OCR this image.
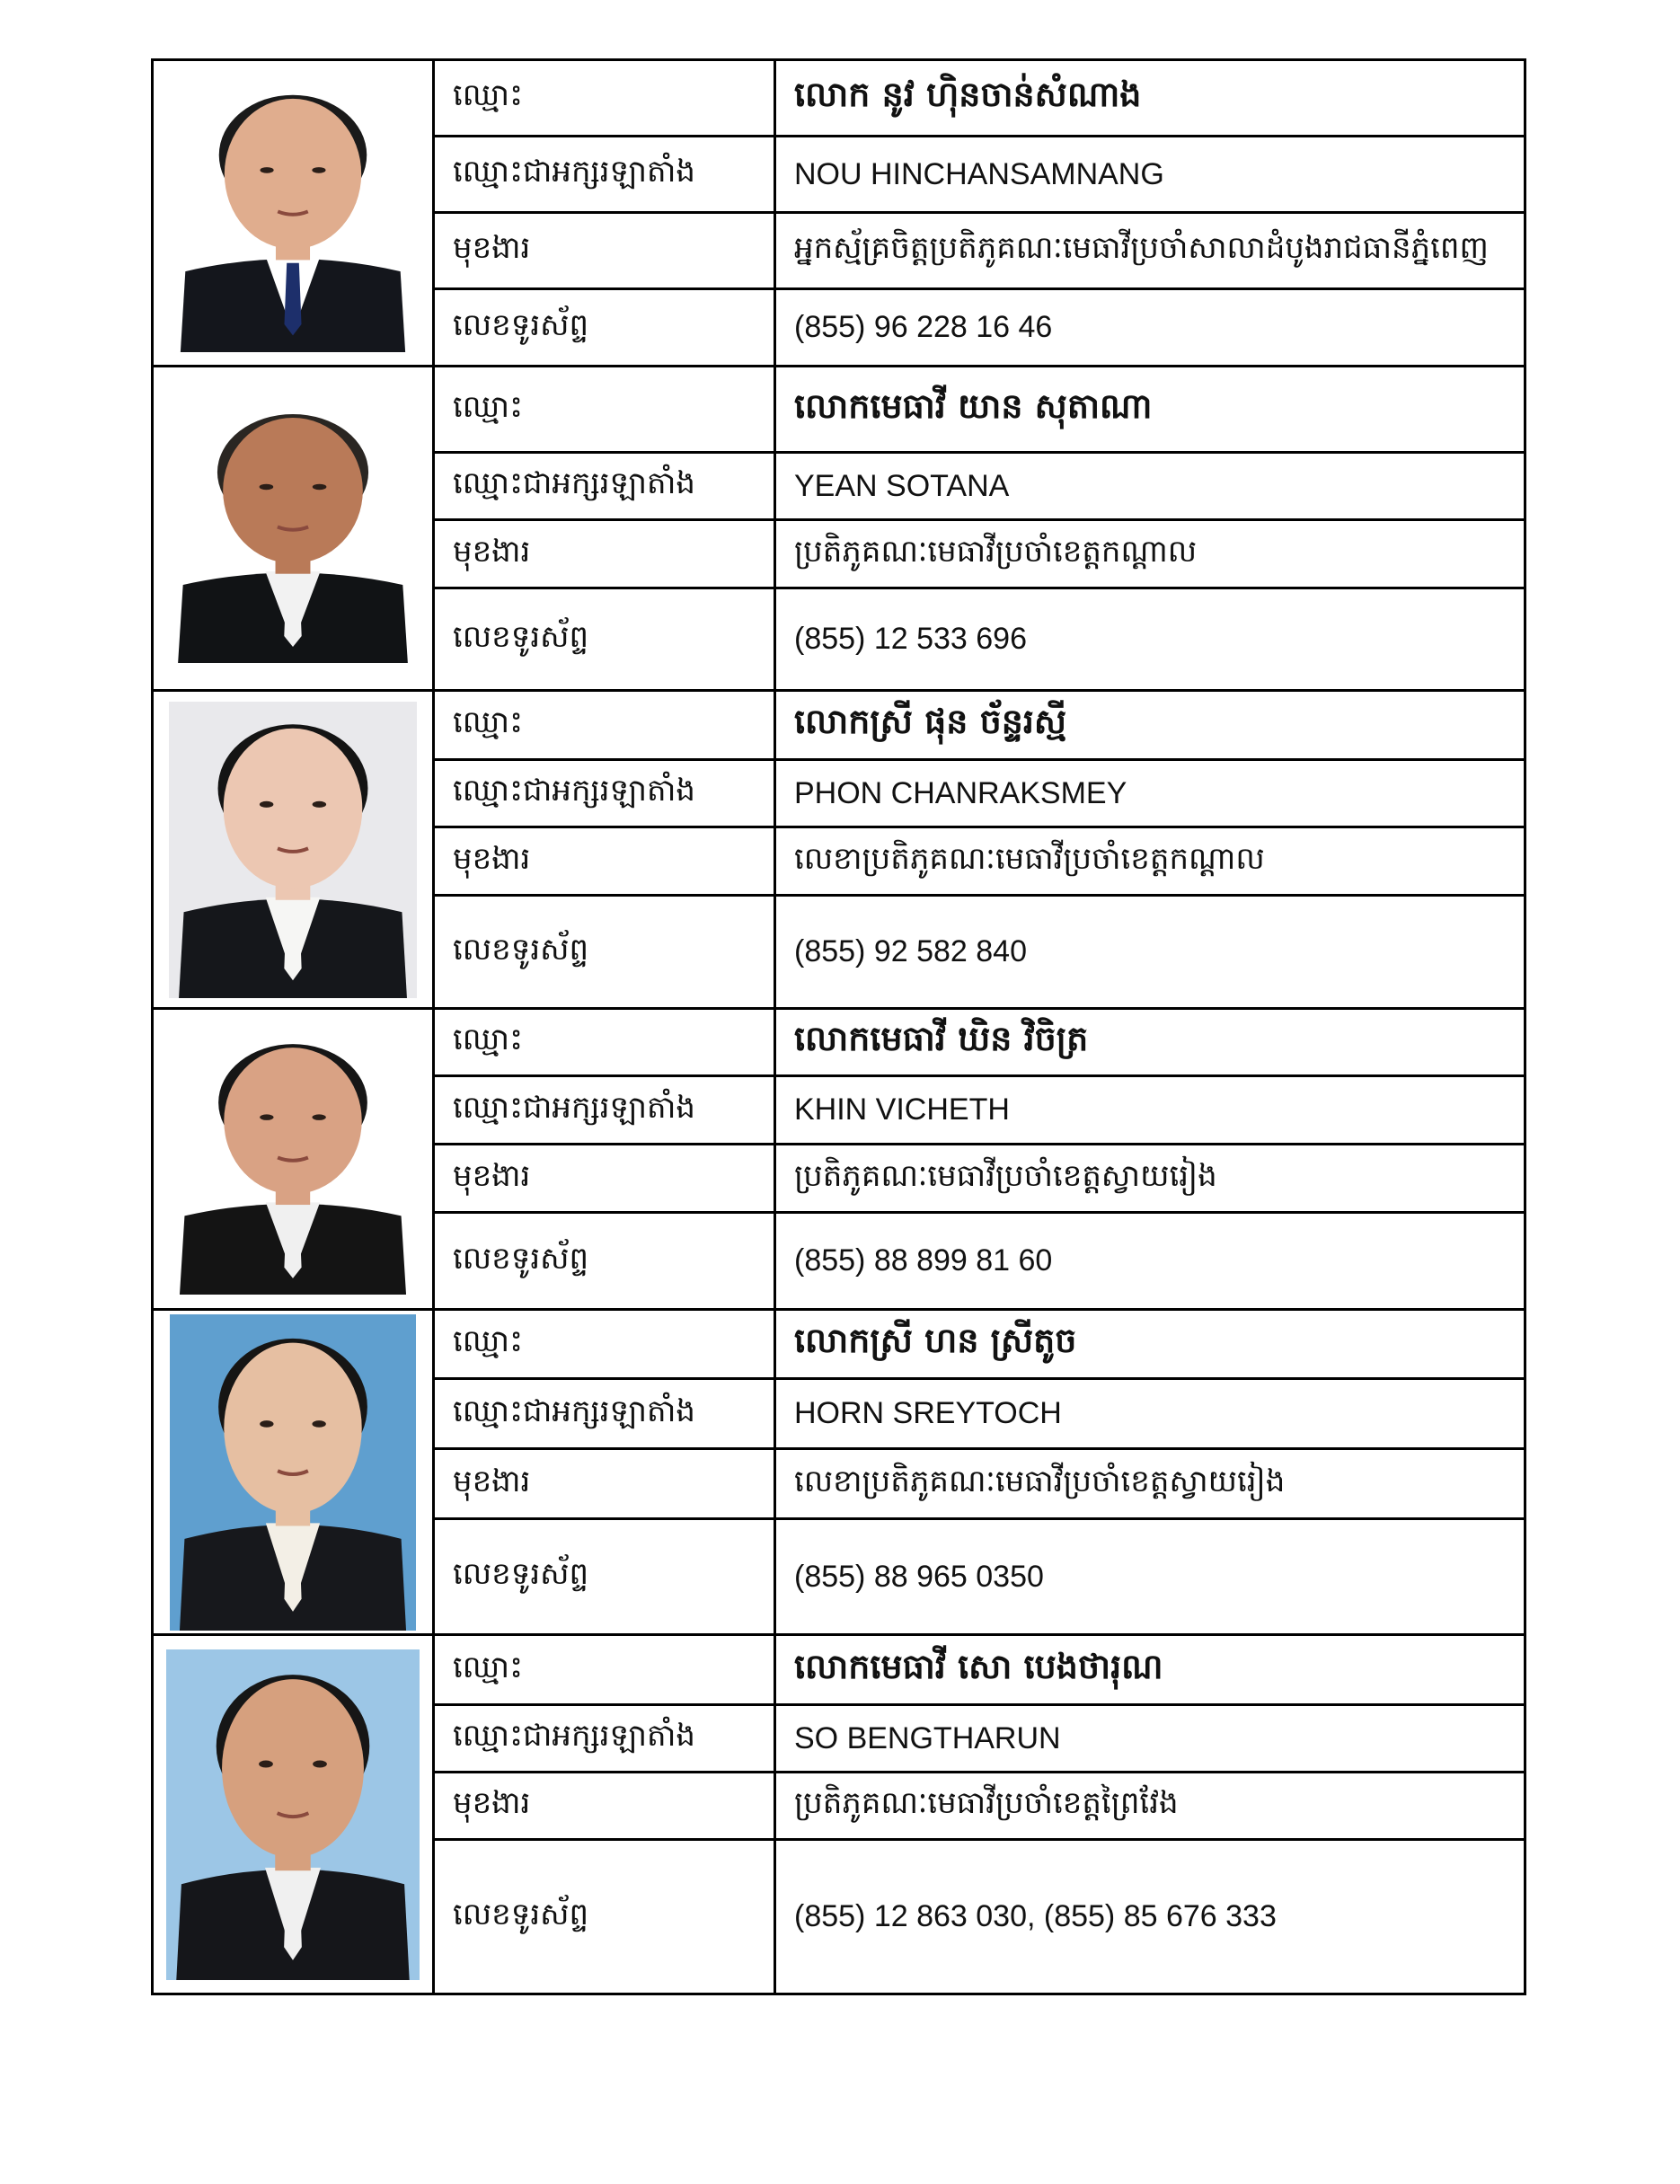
	ឈ្មោះ	លោក នូវ ហ៊ិនចាន់សំណាង
	ឈ្មោះជាអក្សរឡាតាំង	NOU HINCHANSAMNANG
	មុខងារ	អ្នកស្ម័គ្រចិត្តប្រតិភូគណៈមេធាវីប្រចាំសាលាដំបូងរាជធានីភ្នំពេញ
	លេខទូរស័ព្ទ	(855) 96 228 16 46

	ឈ្មោះ	លោកមេធាវី យាន សុតាណា
	ឈ្មោះជាអក្សរឡាតាំង	YEAN SOTANA
	មុខងារ	ប្រតិភូគណៈមេធាវីប្រចាំខេត្តកណ្តាល
	លេខទូរស័ព្ទ	(855) 12 533 696

	ឈ្មោះ	លោកស្រី ផុន ច័ន្ទរស្មី
	ឈ្មោះជាអក្សរឡាតាំង	PHON CHANRAKSMEY
	មុខងារ	លេខាប្រតិភូគណៈមេធាវីប្រចាំខេត្តកណ្តាល
	លេខទូរស័ព្ទ	(855) 92 582 840

	ឈ្មោះ	លោកមេធាវី ឃិន វិចិត្រ
	ឈ្មោះជាអក្សរឡាតាំង	KHIN VICHETH
	មុខងារ	ប្រតិភូគណៈមេធាវីប្រចាំខេត្តស្វាយរៀង
	លេខទូរស័ព្ទ	(855) 88 899 81 60

	ឈ្មោះ	លោកស្រី ហន ស្រីតូច
	ឈ្មោះជាអក្សរឡាតាំង	HORN SREYTOCH
	មុខងារ	លេខាប្រតិភូគណៈមេធាវីប្រចាំខេត្តស្វាយរៀង
	លេខទូរស័ព្ទ	(855) 88 965 0350

	ឈ្មោះ	លោកមេធាវី សោ បេងថារុណ
	ឈ្មោះជាអក្សរឡាតាំង	SO BENGTHARUN
	មុខងារ	ប្រតិភូគណៈមេធាវីប្រចាំខេត្តព្រៃវែង
	លេខទូរស័ព្ទ	(855) 12 863 030, (855) 85 676 333
